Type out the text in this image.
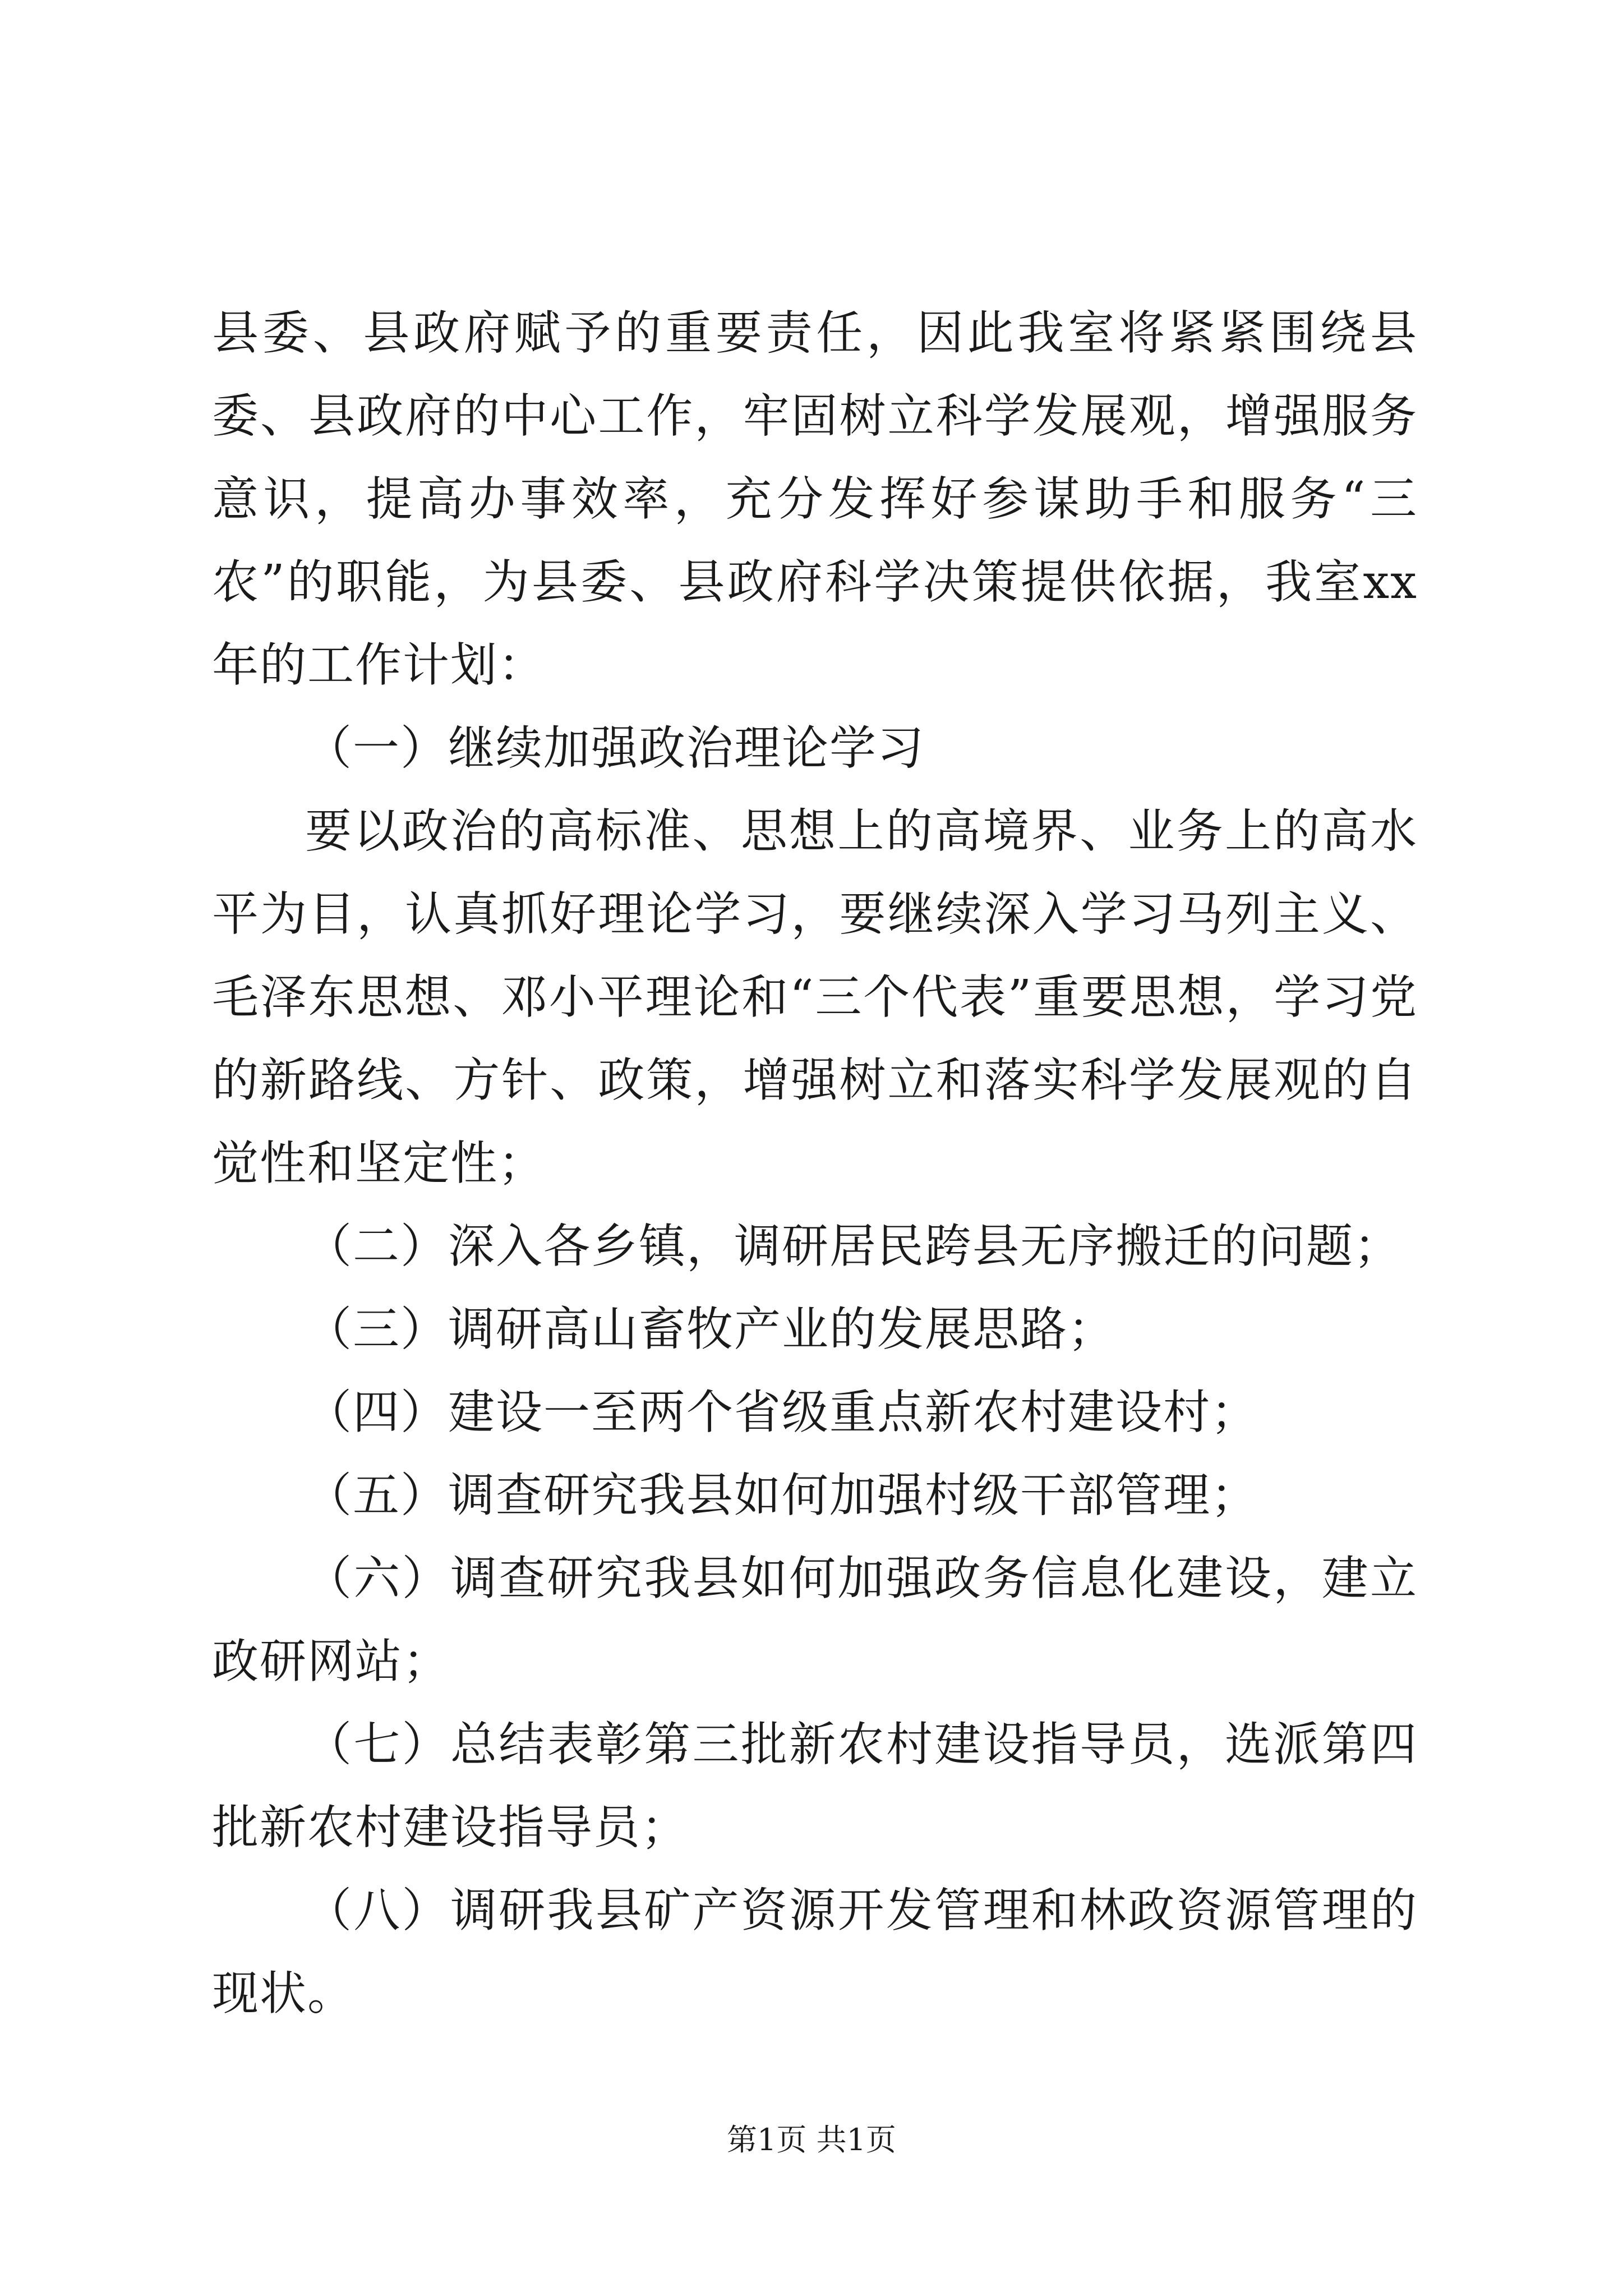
县委、县政府赋予的重要责任，因此我室将紧紧围绕县委、县政府的中心工作，牢固树立科学发展观，增强服务意识，提高办事效率，充分发挥好参谋助手和服务“三农”的职能，为县委、县政府科学决策提供依据，我室xx年的工作计划：

（一）继续加强政治理论学习

要以政治的高标准、思想上的高境界、业务上的高水平为目，认真抓好理论学习，要继续深入学习马列主义、毛泽东思想、邓小平理论和“三个代表”重要思想，学习党的新路线、方针、政策，增强树立和落实科学发展观的自觉性和坚定性；

（二）深入各乡镇，调研居民跨县无序搬迁的问题；

（三）调研高山畜牧产业的发展思路；

（四）建设一至两个省级重点新农村建设村；

（五）调查研究我县如何加强村级干部管理；

（六）调查研究我县如何加强政务信息化建设，建立政研网站；

（七）总结表彰第三批新农村建设指导员，选派第四批新农村建设指导员；

（八）调研我县矿产资源开发管理和林政资源管理的现状。

第1页 共1页
